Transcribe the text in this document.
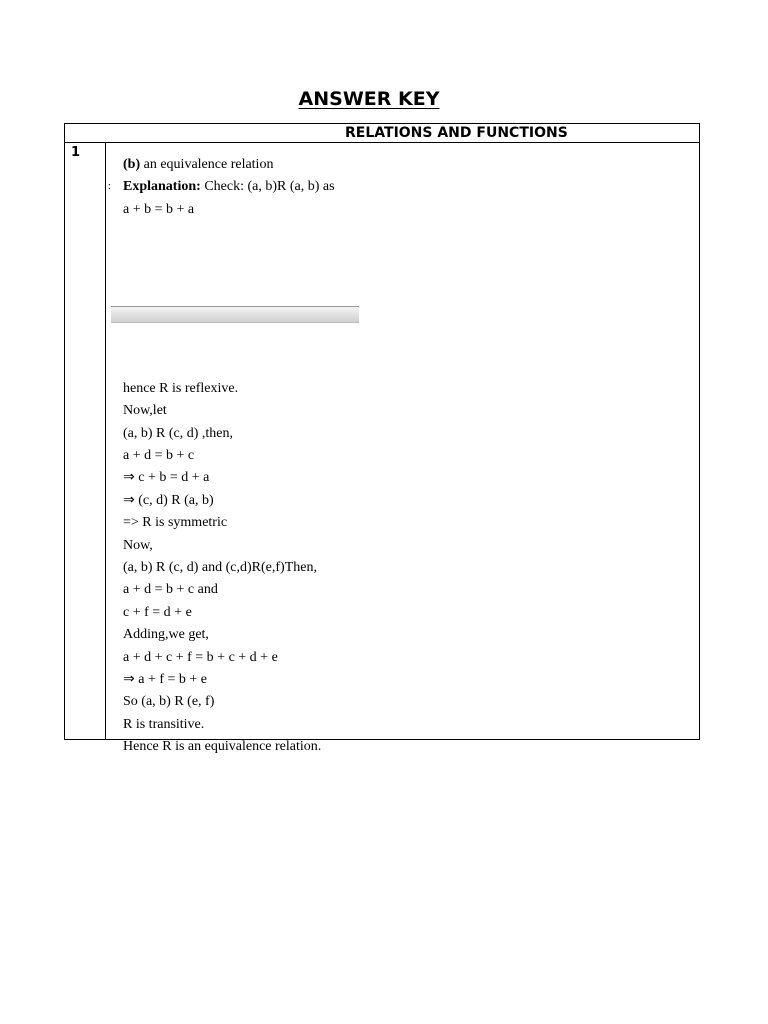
ANSWER KEY
RELATIONS AND FUNCTIONS
1
:
(b) an equivalence relation
Explanation: Check: (a, b)R (a, b) as
a + b = b + a
hence R is reflexive.
Now,let
(a, b) R (c, d) ,then,
a + d = b + c
⇒ c + b = d + a
⇒ (c, d) R (a, b)
=> R is symmetric
Now,
(a, b) R (c, d) and (c,d)R(e,f)Then,
a + d = b + c and
c + f = d + e
Adding,we get,
a + d + c + f = b + c + d + e
⇒ a + f = b + e
So (a, b) R (e, f)
R is transitive.
Hence R is an equivalence relation.
